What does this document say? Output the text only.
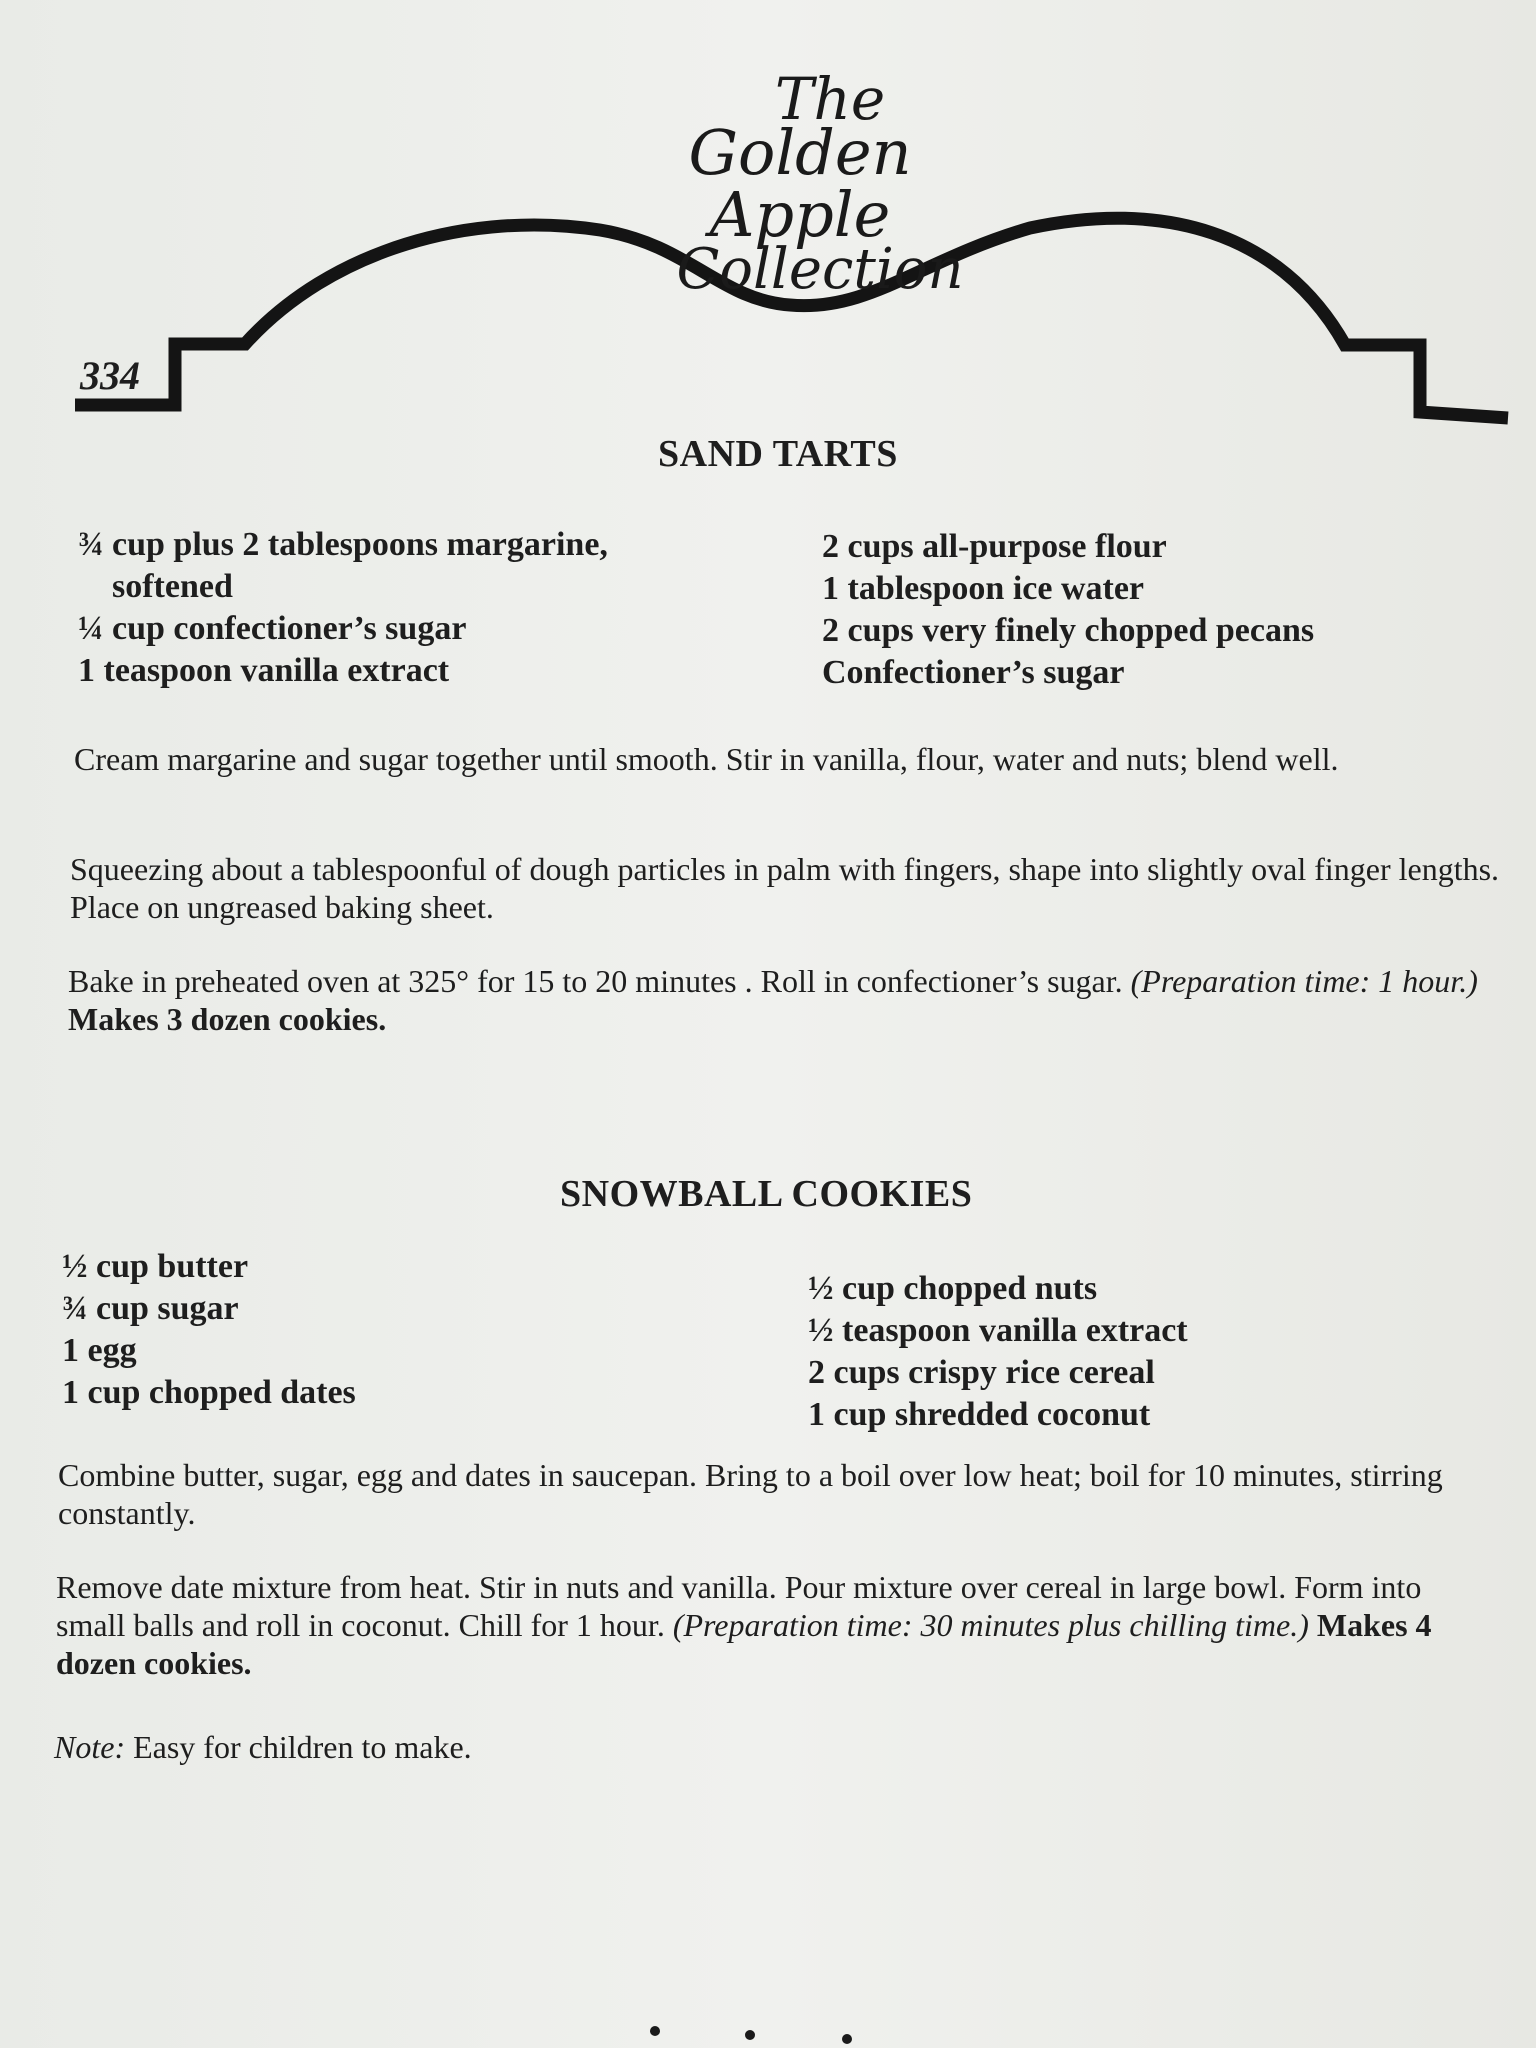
The
Golden Apple
Collection
334
SAND TARTS
¾ cup plus 2 tablespoons margarine,
softened
¼ cup confectioner’s sugar
1 teaspoon vanilla extract
2 cups all-purpose flour
1 tablespoon ice water
2 cups very finely chopped pecans
Confectioner’s sugar
Cream margarine and sugar together until smooth. Stir in vanilla, flour, water and nuts; blend well.
Squeezing about a tablespoonful of dough particles in palm with fingers, shape into slightly oval finger lengths. Place on ungreased baking sheet.
Bake in preheated oven at 325° for 15 to 20 minutes . Roll in confectioner’s sugar. (Preparation time: 1 hour.) Makes 3 dozen cookies.
SNOWBALL COOKIES
½ cup butter
¾ cup sugar
1 egg
1 cup chopped dates
½ cup chopped nuts
½ teaspoon vanilla extract
2 cups crispy rice cereal
1 cup shredded coconut
Combine butter, sugar, egg and dates in saucepan. Bring to a boil over low heat; boil for 10 minutes, stirring constantly.
Remove date mixture from heat. Stir in nuts and vanilla. Pour mixture over cereal in large bowl. Form into small balls and roll in coconut. Chill for 1 hour. (Preparation time: 30 minutes plus chilling time.) Makes 4 dozen cookies.
Note: Easy for children to make.
